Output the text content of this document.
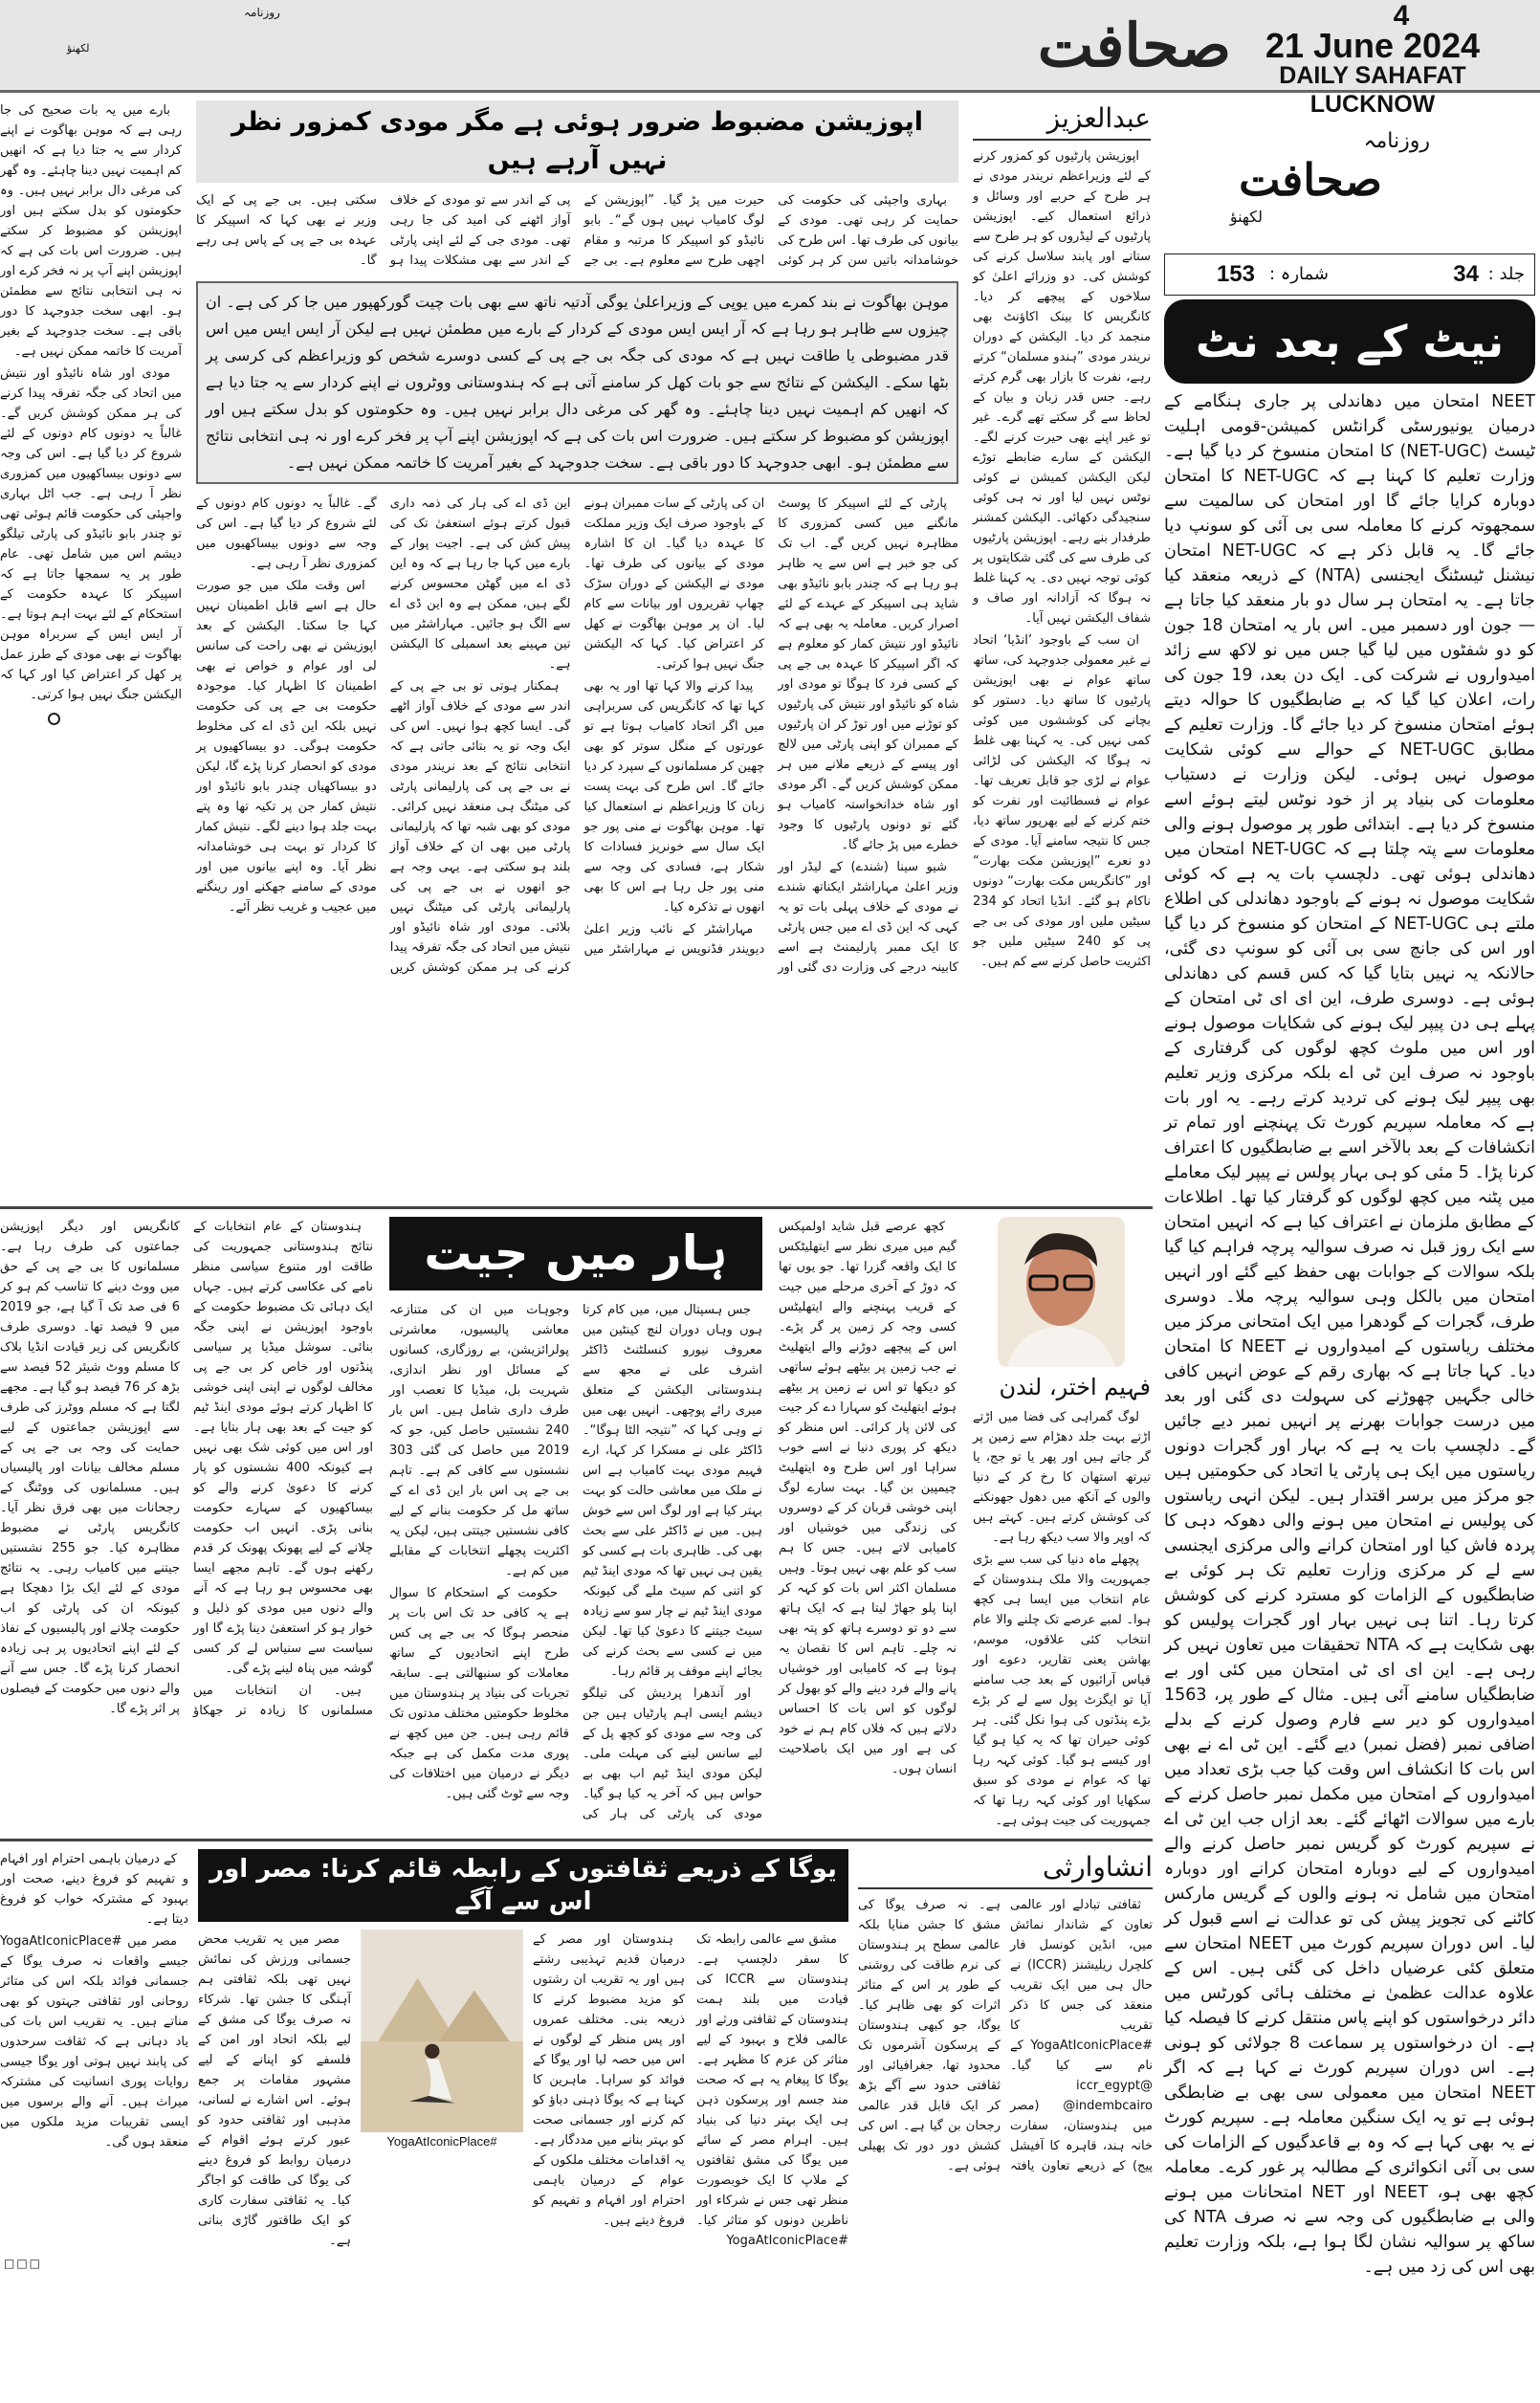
روزنامہ	صحافت
لکھنؤ
4
21 June 2024
DAILY SAHAFAT LUCKNOW

بارے میں یہ بات صحیح کی جا رہی ہے کہ موہن بھاگوت نے اپنے کردار سے یہ جتا دیا ہے کہ انھیں کم اہمیت نہیں دینا چاہئے۔ وہ گھر کی مرغی دال برابر نہیں ہیں۔ وہ حکومتوں کو بدل سکتے ہیں اور اپوزیشن کو مضبوط کر سکتے ہیں۔ ضرورت اس بات کی ہے کہ اپوزیشن اپنے آپ پر نہ فخر کرے اور نہ ہی انتخابی نتائج سے مطمئن ہو۔ ابھی سخت جدوجہد کا دور باقی ہے۔ سخت جدوجہد کے بغیر آمریت کا خاتمہ ممکن نہیں ہے۔

مودی اور شاہ نائیڈو اور نتیش میں اتحاد کی جگہ تفرقہ پیدا کرنے کی ہر ممکن کوشش کریں گے۔ غالباً یہ دونوں کام دونوں کے لئے شروع کر دیا گیا ہے۔ اس کی وجہ سے دونوں بیساکھیوں میں کمزوری نظر آ رہی ہے۔ جب اٹل بہاری واجپئی کی حکومت قائم ہوئی تھی تو چندر بابو نائیڈو کی پارٹی تیلگو دیشم اس میں شامل تھی۔ عام طور پر یہ سمجھا جاتا ہے کہ اسپیکر کا عہدہ حکومت کے استحکام کے لئے بہت اہم ہوتا ہے۔ آر ایس ایس کے سربراہ موہن بھاگوت نے بھی مودی کے طرز عمل پر کھل کر اعتراض کیا اور کہا کہ الیکشن جنگ نہیں ہوا کرتی۔

اپوزیشن مضبوط ضرور ہوئی ہے مگر مودی کمزور نظر نہیں آرہے ہیں

بہاری واجپئی کی حکومت کی حمایت کر رہی تھی۔ مودی کے بیانوں کی طرف تھا۔ اس طرح کی خوشامدانہ باتیں سن کر ہر کوئی حیرت میں پڑ گیا۔ ”اپوزیشن کے لوگ کامیاب نہیں ہوں گے“۔ بابو نائیڈو کو اسپیکر کا مرتبہ و مقام اچھی طرح سے معلوم ہے۔ بی جے پی کے اندر سے تو مودی کے خلاف آواز اٹھنے کی امید کی جا رہی تھی۔ مودی جی کے لئے اپنی پارٹی کے اندر سے بھی مشکلات پیدا ہو سکتی ہیں۔ بی جے پی کے ایک وزیر نے بھی کہا کہ اسپیکر کا عہدہ بی جے پی کے پاس ہی رہے گا۔

موہن بھاگوت نے بند کمرے میں یوپی کے وزیراعلیٰ یوگی آدتیہ ناتھ سے بھی بات چیت گورکھپور میں جا کر کی ہے۔ ان چیزوں سے ظاہر ہو رہا ہے کہ آر ایس ایس مودی کے کردار کے بارے میں مطمئن نہیں ہے لیکن آر ایس ایس میں اس قدر مضبوطی یا طاقت نہیں ہے کہ مودی کی جگہ بی جے پی کے کسی دوسرے شخص کو وزیراعظم کی کرسی پر بٹھا سکے۔ الیکشن کے نتائج سے جو بات کھل کر سامنے آتی ہے کہ ہندوستانی ووٹروں نے اپنے کردار سے یہ جتا دیا ہے کہ انھیں کم اہمیت نہیں دینا چاہئے۔ وہ گھر کی مرغی دال برابر نہیں ہیں۔ وہ حکومتوں کو بدل سکتے ہیں اور اپوزیشن کو مضبوط کر سکتے ہیں۔ ضرورت اس بات کی ہے کہ اپوزیشن اپنے آپ پر فخر کرے اور نہ ہی انتخابی نتائج سے مطمئن ہو۔ ابھی جدوجہد کا دور باقی ہے۔ سخت جدوجہد کے بغیر آمریت کا خاتمہ ممکن نہیں ہے۔

پارٹی کے لئے اسپیکر کا پوسٹ مانگنے میں کسی کمزوری کا مظاہرہ نہیں کریں گے۔ اب تک کی جو خبر ہے اس سے یہ ظاہر ہو رہا ہے کہ چندر بابو نائیڈو بھی شاید ہی اسپیکر کے عہدے کے لئے اصرار کریں۔ معاملہ یہ بھی ہے کہ نائیڈو اور نتیش کمار کو معلوم ہے کہ اگر اسپیکر کا عہدہ بی جے پی کے کسی فرد کا ہوگا تو مودی اور شاہ کو نائیڈو اور نتیش کی پارٹیوں کو توڑنے میں اور توڑ کر ان پارٹیوں کے ممبران کو اپنی پارٹی میں لالچ اور پیسے کے ذریعے ملانے میں ہر ممکن کوشش کریں گے۔ اگر مودی اور شاہ خدانخواستہ کامیاب ہو گئے تو دونوں پارٹیوں کا وجود خطرے میں پڑ جائے گا۔

شیو سینا (شندے) کے لیڈر اور وزیر اعلیٰ مہاراشٹر ایکناتھ شندے نے مودی کے خلاف پہلی بات تو یہ کہی کہ این ڈی اے میں جس پارٹی کا ایک ممبر پارلیمنٹ ہے اسے کابینہ درجے کی وزارت دی گئی اور ان کی پارٹی کے سات ممبران ہونے کے باوجود صرف ایک وزیر مملکت کا عہدہ دیا گیا۔ ان کا اشارہ مودی کے بیانوں کی طرف تھا۔ مودی نے الیکشن کے دوران سڑک چھاپ تقریروں اور بیانات سے کام لیا۔ ان پر موہن بھاگوت نے کھل کر اعتراض کیا۔ کہا کہ الیکشن جنگ نہیں ہوا کرتی۔

پیدا کرنے والا کہا تھا اور یہ بھی کہا تھا کہ کانگریس کی سربراہی میں اگر اتحاد کامیاب ہوتا ہے تو عورتوں کے منگل سوتر کو بھی چھین کر مسلمانوں کے سپرد کر دیا جائے گا۔ اس طرح کی بہت پست زبان کا وزیراعظم نے استعمال کیا تھا۔ موہن بھاگوت نے منی پور جو ایک سال سے خونریز فسادات کا شکار ہے، فسادی کی وجہ سے منی پور جل رہا ہے اس کا بھی انھوں نے تذکرہ کیا۔

مہاراشٹر کے نائب وزیر اعلیٰ دیویندر فڈنویس نے مہاراشٹر میں این ڈی اے کی ہار کی ذمہ داری قبول کرتے ہوئے استعفیٰ تک کی پیش کش کی ہے۔ اجیت پوار کے بارے میں کہا جا رہا ہے کہ وہ این ڈی اے میں گھٹن محسوس کرنے لگے ہیں، ممکن ہے وہ این ڈی اے سے الگ ہو جائیں۔ مہاراشٹر میں تین مہینے بعد اسمبلی کا الیکشن ہے۔

ہمکنار ہوتی تو بی جے پی کے اندر سے مودی کے خلاف آواز اٹھے گی۔ ایسا کچھ ہوا نہیں۔ اس کی ایک وجہ تو یہ بتائی جاتی ہے کہ انتخابی نتائج کے بعد نریندر مودی نے بی جے پی کی پارلیمانی پارٹی کی میٹنگ ہی منعقد نہیں کرائی۔ مودی کو بھی شبہ تھا کہ پارلیمانی پارٹی میں بھی ان کے خلاف آواز بلند ہو سکتی ہے۔ یہی وجہ ہے جو انھوں نے بی جے پی کی پارلیمانی پارٹی کی میٹنگ نہیں بلائی۔ مودی اور شاہ نائیڈو اور نتیش میں اتحاد کی جگہ تفرقہ پیدا کرنے کی ہر ممکن کوشش کریں گے۔ غالباً یہ دونوں کام دونوں کے لئے شروع کر دیا گیا ہے۔ اس کی وجہ سے دونوں بیساکھیوں میں کمزوری نظر آ رہی ہے۔

اس وقت ملک میں جو صورت حال ہے اسے قابل اطمینان نہیں کہا جا سکتا۔ الیکشن کے بعد اپوزیشن نے بھی راحت کی سانس لی اور عوام و خواص نے بھی اطمینان کا اظہار کیا۔ موجودہ حکومت بی جے پی کی حکومت نہیں بلکہ این ڈی اے کی مخلوط حکومت ہوگی۔ دو بیساکھیوں پر مودی کو انحصار کرنا پڑے گا، لیکن دو بیساکھیاں چندر بابو نائیڈو اور نتیش کمار جن پر تکیہ تھا وہ پتے بہت جلد ہوا دینے لگے۔ نتیش کمار کا کردار تو بہت ہی خوشامدانہ نظر آیا۔ وہ اپنے بیانوں میں اور مودی کے سامنے جھکنے اور رینگنے میں عجیب و غریب نظر آئے۔

عبدالعزیز

اپوزیشن پارٹیوں کو کمزور کرنے کے لئے وزیراعظم نریندر مودی نے ہر طرح کے حربے اور وسائل و ذرائع استعمال کیے۔ اپوزیشن پارٹیوں کے لیڈروں کو ہر طرح سے ستانے اور پابند سلاسل کرنے کی کوشش کی۔ دو وزرائے اعلیٰ کو سلاخوں کے پیچھے کر دیا۔ کانگریس کا بینک اکاؤنٹ بھی منجمد کر دیا۔ الیکشن کے دوران نریندر مودی ”ہندو مسلمان“ کرتے رہے، نفرت کا بازار بھی گرم کرتے رہے۔ جس قدر زبان و بیان کے لحاظ سے گر سکتے تھے گرے۔ غیر تو غیر اپنے بھی حیرت کرنے لگے۔ الیکشن کے سارے ضابطے توڑے لیکن الیکشن کمیشن نے کوئی نوٹس نہیں لیا اور نہ ہی کوئی سنجیدگی دکھائی۔ الیکشن کمشنر طرفدار بنے رہے۔ اپوزیشن پارٹیوں کی طرف سے کی گئی شکایتوں پر کوئی توجہ نہیں دی۔ یہ کہنا غلط نہ ہوگا کہ آزادانہ اور صاف و شفاف الیکشن نہیں آیا۔

ان سب کے باوجود ’انڈیا‘ اتحاد نے غیر معمولی جدوجہد کی، ساتھ ساتھ عوام نے بھی اپوزیشن پارٹیوں کا ساتھ دیا۔ دستور کو بچانے کی کوششوں میں کوئی کمی نہیں کی۔ یہ کہنا بھی غلط نہ ہوگا کہ الیکشن کی لڑائی عوام نے لڑی جو قابل تعریف تھا۔ عوام نے فسطائیت اور نفرت کو ختم کرنے کے لیے بھرپور ساتھ دیا، جس کا نتیجہ سامنے آیا۔ مودی کے دو نعرے ”اپوزیشن مکت بھارت“ اور ”کانگریس مکت بھارت“ دونوں ناکام ہو گئے۔ انڈیا اتحاد کو 234 سیٹیں ملیں اور مودی کی بی جے پی کو 240 سیٹیں ملیں جو اکثریت حاصل کرنے سے کم ہیں۔

ہندوستان کے عام انتخابات کے نتائج ہندوستانی جمہوریت کی طاقت اور متنوع سیاسی منظر نامے کی عکاسی کرتے ہیں۔ جہاں ایک دہائی تک مضبوط حکومت کے باوجود اپوزیشن نے اپنی جگہ بنائی۔ سوشل میڈیا پر سیاسی پنڈتوں اور خاص کر بی جے پی مخالف لوگوں نے اپنی اپنی خوشی کا اظہار کرتے ہوئے مودی اینڈ ٹیم کو جیت کے بعد بھی ہار بتایا ہے۔ اور اس میں کوئی شک بھی نہیں ہے کیونکہ 400 نشستوں کو پار کرنے کا دعویٰ کرنے والے کو بیساکھیوں کے سہارے حکومت بنانی پڑی۔ انہیں اب حکومت چلانے کے لیے پھونک پھونک کر قدم رکھنے ہوں گے۔ تاہم مجھے ایسا بھی محسوس ہو رہا ہے کہ آنے والے دنوں میں مودی کو ذلیل و خوار ہو کر استعفیٰ دینا پڑے گا اور سیاست سے سنیاس لے کر کسی گوشہ میں پناہ لینے پڑے گی۔

ہیں۔ ان انتخابات میں مسلمانوں کا زیادہ تر جھکاؤ کانگریس اور دیگر اپوزیشن جماعتوں کی طرف رہا ہے۔ مسلمانوں کا بی جے پی کے حق میں ووٹ دینے کا تناسب کم ہو کر 6 فی صد تک آ گیا ہے، جو 2019 میں 9 فیصد تھا۔ دوسری طرف کانگریس کی زیر قیادت انڈیا بلاک کا مسلم ووٹ شیئر 52 فیصد سے بڑھ کر 76 فیصد ہو گیا ہے۔ مجھے لگتا ہے کہ مسلم ووٹرز کی طرف سے اپوزیشن جماعتوں کے لیے حمایت کی وجہ بی جے پی کے مسلم مخالف بیانات اور پالیسیاں ہیں۔ مسلمانوں کی ووٹنگ کے رجحانات میں بھی فرق نظر آیا۔ کانگریس پارٹی نے مضبوط مظاہرہ کیا۔ جو 255 نشستیں جیتنے میں کامیاب رہی۔ یہ نتائج مودی کے لئے ایک بڑا دھچکا ہے کیونکہ ان کی پارٹی کو اب حکومت چلانے اور پالیسیوں کے نفاذ کے لئے اپنے اتحادیوں پر ہی زیادہ انحصار کرنا پڑے گا۔ جس سے آنے والے دنوں میں حکومت کے فیصلوں پر اثر پڑے گا۔

ہار میں جیت

جس ہسپتال میں، میں کام کرتا ہوں وہاں دوران لنچ کینٹین میں معروف نیورو کنسلٹنٹ ڈاکٹر اشرف علی نے مجھ سے ہندوستانی الیکشن کے متعلق میری رائے پوچھی۔ انہیں بھی میں نے وہی کہا کہ ”نتیجہ الٹا ہوگا“۔ ڈاکٹر علی نے مسکرا کر کہا، ارے فہیم مودی بہت کامیاب ہے اس نے ملک میں معاشی حالت کو بہت بہتر کیا ہے اور لوگ اس سے خوش ہیں۔ میں نے ڈاکٹر علی سے بحث بھی کی۔ ظاہری بات ہے کسی کو یقین ہی نہیں تھا کہ مودی اینڈ ٹیم کو اتنی کم سیٹ ملے گی کیونکہ مودی اینڈ ٹیم نے چار سو سے زیادہ سیٹ جیتنے کا دعویٰ کیا تھا۔ لیکن میں نے کسی سے بحث کرنے کی بجائے اپنے موقف پر قائم رہا۔

اور آندھرا پردیش کی تیلگو دیشم ایسی اہم پارٹیاں ہیں جن کی وجہ سے مودی کو کچھ پل کے لیے سانس لینے کی مہلت ملی۔ لیکن مودی اینڈ ٹیم اب بھی بے حواس ہیں کہ آخر یہ کیا ہو گیا۔ مودی کی پارٹی کی ہار کی وجوہات میں ان کی متنازعہ معاشی پالیسیوں، معاشرتی پولرائزیشن، بے روزگاری، کسانوں کے مسائل اور نظر اندازی، شہریت بل، میڈیا کا تعصب اور طرف داری شامل ہیں۔ اس بار 240 نشستیں حاصل کیں، جو کہ 2019 میں حاصل کی گئی 303 نشستوں سے کافی کم ہے۔ تاہم بی جے پی اس بار این ڈی اے کے ساتھ مل کر حکومت بنانے کے لیے کافی نشستیں جیتتی ہیں، لیکن یہ اکثریت پچھلے انتخابات کے مقابلے میں کم ہے۔

حکومت کے استحکام کا سوال ہے یہ کافی حد تک اس بات پر منحصر ہوگا کہ بی جے پی کس طرح اپنے اتحادیوں کے ساتھ معاملات کو سنبھالتی ہے۔ سابقہ تجربات کی بنیاد پر ہندوستان میں مخلوط حکومتیں مختلف مدتوں تک قائم رہی ہیں۔ جن میں کچھ نے پوری مدت مکمل کی ہے جبکہ دیگر نے درمیان میں اختلافات کی وجہ سے ٹوٹ گئی ہیں۔

کچھ عرصے قبل شاید اولمپکس گیم میں میری نظر سے ایتھلیٹکس کا ایک واقعہ گزرا تھا۔ جو یوں تھا کہ دوڑ کے آخری مرحلے میں جیت کے قریب پہنچنے والے ایتھلیٹس کسی وجہ کر زمین پر گر پڑے۔ اس کے پیچھے دوڑنے والے ایتھلیٹ نے جب زمین پر بیٹھے ہوئے ساتھی کو دیکھا تو اس نے زمین پر بیٹھے ہوئے ایتھلیٹ کو سہارا دے کر جیت کی لائن پار کرائی۔ اس منظر کو دیکھ کر پوری دنیا نے اسے خوب سراہا اور اس طرح وہ ایتھلیٹ چیمپین بن گیا۔ بہت سارے لوگ اپنی خوشی قربان کر کے دوسروں کی زندگی میں خوشیاں اور کامیابی لاتے ہیں۔ جس کا ہم سب کو علم بھی نہیں ہوتا۔ وہیں مسلمان اکثر اس بات کو کہہ کر اپنا پلو جھاڑ لیتا ہے کہ ایک ہاتھ سے دو تو دوسرے ہاتھ کو پتہ بھی نہ چلے۔ تاہم اس کا نقصان یہ ہوتا ہے کہ کامیابی اور خوشیاں پانے والے فرد دینے والے کو بھول کر لوگوں کو اس بات کا احساس دلاتے ہیں کہ فلاں کام ہم نے خود کی ہے اور میں ایک باصلاحیت انسان ہوں۔

فہیم اختر، لندن

لوگ گمراہی کی فضا میں اڑتے اڑتے بہت جلد دھڑام سے زمین پر گر جاتے ہیں اور پھر یا تو جج، یا تیرتھ استھان کا رخ کر کے دنیا والوں کے آنکھ میں دھول جھونکنے کی کوشش کرتے ہیں۔ کہتے ہیں کہ اوپر والا سب دیکھ رہا ہے۔

پچھلے ماہ دنیا کی سب سے بڑی جمہوریت والا ملک ہندوستان کے عام انتخاب میں ایسا ہی کچھ ہوا۔ لمبے عرصے تک چلنے والا عام انتخاب کئی علاقوں، موسم، بھاشن یعنی تقاریر، دعوے اور قیاس آرائیوں کے بعد جب سامنے آیا تو ایگزٹ پول سے لے کر بڑے بڑے پنڈتوں کی ہوا نکل گئی۔ ہر کوئی حیران تھا کہ یہ کیا ہو گیا اور کیسے ہو گیا۔ کوئی کہہ رہا تھا کہ عوام نے مودی کو سبق سکھایا اور کوئی کہہ رہا تھا کہ جمہوریت کی جیت ہوئی ہے۔

کے درمیان باہمی احترام اور افہام و تفہیم کو فروغ دینے، صحت اور بہبود کے مشترکہ خواب کو فروغ دیتا ہے۔

مصر میں #YogaAtIconicPlace جیسے واقعات نہ صرف یوگا کے جسمانی فوائد بلکہ اس کی متاثر روحانی اور ثقافتی جہتوں کو بھی مناتے ہیں۔ یہ تقریب اس بات کی یاد دہانی ہے کہ ثقافت سرحدوں کی پابند نہیں ہوتی اور یوگا جیسی روایات پوری انسانیت کی مشترکہ میراث ہیں۔ آنے والے برسوں میں ایسی تقریبات مزید ملکوں میں منعقد ہوں گی۔

یوگا کے ذریعے ثقافتوں کے رابطہ قائم کرنا: مصر اور اس سے آگے

مشق سے عالمی رابطہ تک کا سفر دلچسپ ہے۔ ہندوستان سے ICCR کی قیادت میں بلند ہمت ہندوستان کے ثقافتی ورثے اور عالمی فلاح و بہبود کے لیے متاثر کن عزم کا مظہر ہے۔ یوگا کا پیغام یہ ہے کہ صحت مند جسم اور پرسکون ذہن ہی ایک بہتر دنیا کی بنیاد ہیں۔ اہرام مصر کے سائے میں یوگا کی مشق ثقافتوں کے ملاپ کا ایک خوبصورت منظر تھی جس نے شرکاء اور ناظرین دونوں کو متاثر کیا۔ #YogaAtIconicPlace

ہندوستان اور مصر کے درمیان قدیم تہذیبی رشتے ہیں اور یہ تقریب ان رشتوں کو مزید مضبوط کرنے کا ذریعہ بنی۔ مختلف عمروں اور پس منظر کے لوگوں نے اس میں حصہ لیا اور یوگا کے فوائد کو سراہا۔ ماہرین کا کہنا ہے کہ یوگا ذہنی دباؤ کو کم کرنے اور جسمانی صحت کو بہتر بنانے میں مددگار ہے۔ یہ اقدامات مختلف ملکوں کے عوام کے درمیان باہمی احترام اور افہام و تفہیم کو فروغ دیتے ہیں۔

#YogaAtIconicPlace

مصر میں یہ تقریب محض جسمانی ورزش کی نمائش نہیں تھی بلکہ ثقافتی ہم آہنگی کا جشن تھا۔ شرکاء نہ صرف یوگا کی مشق کے لیے بلکہ اتحاد اور امن کے فلسفے کو اپنانے کے لیے مشہور مقامات پر جمع ہوئے۔ اس اشارے نے لسانی، مذہبی اور ثقافتی حدود کو عبور کرتے ہوئے اقوام کے درمیان روابط کو فروغ دینے کی یوگا کی طاقت کو اجاگر کیا۔ یہ ثقافتی سفارت کاری کو ایک طاقتور گاڑی بناتی ہے۔

انشاوارثی

ثقافتی تبادلے اور عالمی تعاون کے شاندار نمائش میں، انڈین کونسل فار کلچرل ریلیشنز (ICCR) نے حال ہی میں ایک تقریب منعقد کی جس کا ذکر تقریب کا #YogaAtIconicPlace کے نام سے کیا گیا۔ @iccr_egypt @indembcairo (مصر میں ہندوستان، سفارت خانہ ہند، قاہرہ کا آفیشل پیج) کے ذریعے تعاون یافتہ ہے۔ نہ صرف یوگا کی مشق کا جشن منایا بلکہ عالمی سطح پر ہندوستان کی نرم طاقت کی روشنی کے طور پر اس کے متاثر اثرات کو بھی ظاہر کیا۔ یوگا، جو کبھی ہندوستان کے پرسکون آشرموں تک محدود تھا، جغرافیائی اور ثقافتی حدود سے آگے بڑھ کر ایک قابل قدر عالمی رجحان بن گیا ہے۔ اس کی کشش دور دور تک پھیلی ہوئی ہے۔

□□□
روزنامہ
صحافت
لکھنؤ
جلد :
34
شمارہ :
153
نیٹ کے بعد نٹ

NEET امتحان میں دھاندلی پر جاری ہنگامے کے درمیان یونیورسٹی گرانٹس کمیشن-قومی اہلیت ٹیسٹ (NET-UGC) کا امتحان منسوخ کر دیا گیا ہے۔ وزارت تعلیم کا کہنا ہے کہ NET-UGC کا امتحان دوبارہ کرایا جائے گا اور امتحان کی سالمیت سے سمجھوتہ کرنے کا معاملہ سی بی آئی کو سونپ دیا جائے گا۔ یہ قابل ذکر ہے کہ NET-UGC امتحان نیشنل ٹیسٹنگ ایجنسی (NTA) کے ذریعہ منعقد کیا جاتا ہے۔ یہ امتحان ہر سال دو بار منعقد کیا جاتا ہے — جون اور دسمبر میں۔ اس بار یہ امتحان 18 جون کو دو شفٹوں میں لیا گیا جس میں نو لاکھ سے زائد امیدواروں نے شرکت کی۔ ایک دن بعد، 19 جون کی رات، اعلان کیا گیا کہ بے ضابطگیوں کا حوالہ دیتے ہوئے امتحان منسوخ کر دیا جائے گا۔ وزارت تعلیم کے مطابق NET-UGC کے حوالے سے کوئی شکایت موصول نہیں ہوئی۔ لیکن وزارت نے دستیاب معلومات کی بنیاد پر از خود نوٹس لیتے ہوئے اسے منسوخ کر دیا ہے۔ ابتدائی طور پر موصول ہونے والی معلومات سے پتہ چلتا ہے کہ NET-UGC امتحان میں دھاندلی ہوئی تھی۔ دلچسپ بات یہ ہے کہ کوئی شکایت موصول نہ ہونے کے باوجود دھاندلی کی اطلاع ملتے ہی NET-UGC کے امتحان کو منسوخ کر دیا گیا اور اس کی جانچ سی بی آئی کو سونپ دی گئی، حالانکہ یہ نہیں بتایا گیا کہ کس قسم کی دھاندلی ہوئی ہے۔ دوسری طرف، این ای ای ٹی امتحان کے پہلے ہی دن پیپر لیک ہونے کی شکایات موصول ہونے اور اس میں ملوث کچھ لوگوں کی گرفتاری کے باوجود نہ صرف این ٹی اے بلکہ مرکزی وزیر تعلیم بھی پیپر لیک ہونے کی تردید کرتے رہے۔ یہ اور بات ہے کہ معاملہ سپریم کورٹ تک پہنچنے اور تمام تر انکشافات کے بعد بالآخر اسے بے ضابطگیوں کا اعتراف کرنا پڑا۔ 5 مئی کو ہی بہار پولس نے پیپر لیک معاملے میں پٹنہ میں کچھ لوگوں کو گرفتار کیا تھا۔ اطلاعات کے مطابق ملزمان نے اعتراف کیا ہے کہ انہیں امتحان سے ایک روز قبل نہ صرف سوالیہ پرچہ فراہم کیا گیا بلکہ سوالات کے جوابات بھی حفظ کیے گئے اور انہیں امتحان میں بالکل وہی سوالیہ پرچہ ملا۔ دوسری طرف، گجرات کے گودھرا میں ایک امتحانی مرکز میں مختلف ریاستوں کے امیدواروں نے NEET کا امتحان دیا۔ کہا جاتا ہے کہ بھاری رقم کے عوض انہیں کافی خالی جگہیں چھوڑنے کی سہولت دی گئی اور بعد میں درست جوابات بھرنے پر انہیں نمبر دیے جائیں گے۔ دلچسپ بات یہ ہے کہ بہار اور گجرات دونوں ریاستوں میں ایک ہی پارٹی یا اتحاد کی حکومتیں ہیں جو مرکز میں برسر اقتدار ہیں۔ لیکن انہی ریاستوں کی پولیس نے امتحان میں ہونے والی دھوکہ دہی کا پردہ فاش کیا اور امتحان کرانے والی مرکزی ایجنسی سے لے کر مرکزی وزارت تعلیم تک ہر کوئی بے ضابطگیوں کے الزامات کو مسترد کرنے کی کوشش کرتا رہا۔ اتنا ہی نہیں بہار اور گجرات پولیس کو بھی شکایت ہے کہ NTA تحقیقات میں تعاون نہیں کر رہی ہے۔ این ای ای ٹی امتحان میں کئی اور بے ضابطگیاں سامنے آئی ہیں۔ مثال کے طور پر، 1563 امیدواروں کو دیر سے فارم وصول کرنے کے بدلے اضافی نمبر (فضل نمبر) دیے گئے۔ این ٹی اے نے بھی اس بات کا انکشاف اس وقت کیا جب بڑی تعداد میں امیدواروں کے امتحان میں مکمل نمبر حاصل کرنے کے بارے میں سوالات اٹھائے گئے۔ بعد ازاں جب این ٹی اے نے سپریم کورٹ کو گریس نمبر حاصل کرنے والے امیدواروں کے لیے دوبارہ امتحان کرانے اور دوبارہ امتحان میں شامل نہ ہونے والوں کے گریس مارکس کاٹنے کی تجویز پیش کی تو عدالت نے اسے قبول کر لیا۔ اس دوران سپریم کورٹ میں NEET امتحان سے متعلق کئی عرضیاں داخل کی گئی ہیں۔ اس کے علاوہ عدالت عظمیٰ نے مختلف ہائی کورٹس میں دائر درخواستوں کو اپنے پاس منتقل کرنے کا فیصلہ کیا ہے۔ ان درخواستوں پر سماعت 8 جولائی کو ہونی ہے۔ اس دوران سپریم کورٹ نے کہا ہے کہ اگر NEET امتحان میں معمولی سی بھی بے ضابطگی ہوئی ہے تو یہ ایک سنگین معاملہ ہے۔ سپریم کورٹ نے یہ بھی کہا ہے کہ وہ بے قاعدگیوں کے الزامات کی سی بی آئی انکوائری کے مطالبہ پر غور کرے۔ معاملہ کچھ بھی ہو، NEET اور NET امتحانات میں ہونے والی بے ضابطگیوں کی وجہ سے نہ صرف NTA کی ساکھ پر سوالیہ نشان لگا ہوا ہے، بلکہ وزارت تعلیم بھی اس کی زد میں ہے۔
